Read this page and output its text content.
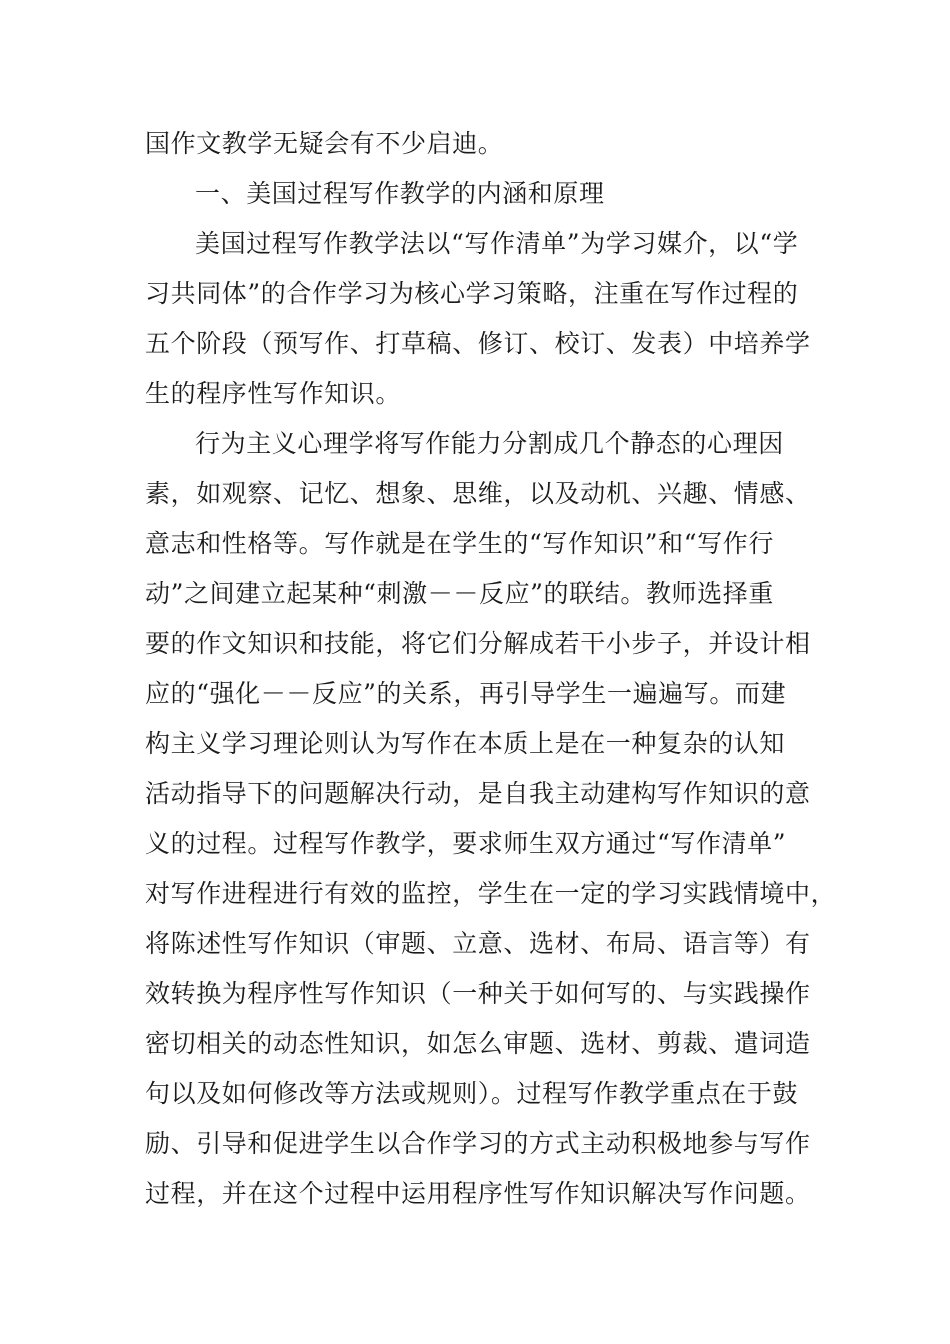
国作文教学无疑会有不少启迪。
一、美国过程写作教学的内涵和原理
美国过程写作教学法以“写作清单”为学习媒介，以“学
习共同体”的合作学习为核心学习策略，注重在写作过程的
五个阶段（预写作、打草稿、修订、校订、发表）中培养学
生的程序性写作知识。
行为主义心理学将写作能力分割成几个静态的心理因
素，如观察、记忆、想象、思维，以及动机、兴趣、情感、
意志和性格等。写作就是在学生的“写作知识”和“写作行
动”之间建立起某种“刺激－－反应”的联结。教师选择重
要的作文知识和技能，将它们分解成若干小步子，并设计相
应的“强化－－反应”的关系，再引导学生一遍遍写。而建
构主义学习理论则认为写作在本质上是在一种复杂的认知
活动指导下的问题解决行动，是自我主动建构写作知识的意
义的过程。过程写作教学，要求师生双方通过“写作清单”
对写作进程进行有效的监控，学生在一定的学习实践情境中，
将陈述性写作知识（审题、立意、选材、布局、语言等）有
效转换为程序性写作知识（一种关于如何写的、与实践操作
密切相关的动态性知识，如怎么审题、选材、剪裁、遣词造
句以及如何修改等方法或规则）。过程写作教学重点在于鼓
励、引导和促进学生以合作学习的方式主动积极地参与写作
过程，并在这个过程中运用程序性写作知识解决写作问题。
